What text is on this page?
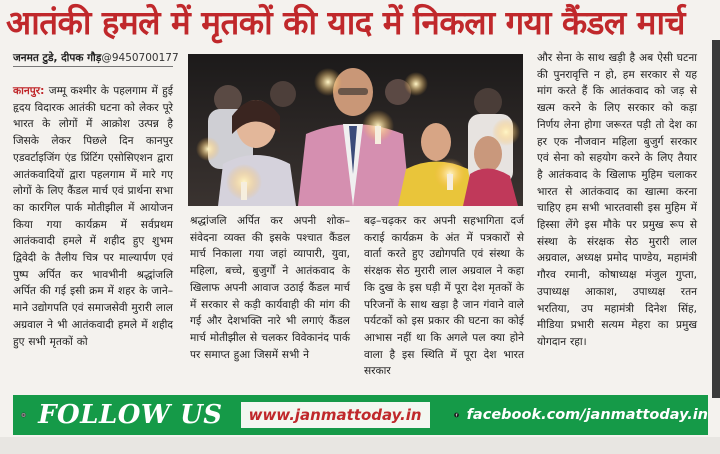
आतंकी हमले में मृतकों की याद में निकला गया कैंडल मार्च
जनमत टुडे, दीपक गौड़@9450700177
कानपुर: जम्मू कश्मीर के पहलगाम में हुई हृदय विदारक आतंकी घटना को लेकर पूरे भारत के लोगों में आक्रोश उत्पन्न है जिसके लेकर पिछले दिन कानपुर एडवर्टाइजिंग एंड प्रिंटिंग एसोसिएशन द्वारा आतंकवादियों द्वारा पहलगाम में मारे गए लोगों के लिए कैंडल मार्च एवं प्रार्थना सभा का कारगिल पार्क मोतीझील में आयोजन किया गया कार्यक्रम में सर्वप्रथम आतंकवादी हमले में शहीद हुए शुभम द्विवेदी के तैलीय चित्र पर माल्यार्पण एवं पुष्प अर्पित कर भावभीनी श्रद्धांजलि अर्पित की गई इसी क्रम में शहर के जाने–माने उद्योगपति एवं समाजसेवी मुरारी लाल अग्रवाल ने भी आतंकवादी हमले में शहीद हुए सभी मृतकों को
श्रद्धांजलि अर्पित कर अपनी शोक–संवेदना व्यक्त की इसके पश्चात कैंडल मार्च निकाला गया जहां व्यापारी, युवा, महिला, बच्चे, बुजुर्गों ने आतंकवाद के खिलाफ अपनी आवाज उठाई कैंडल मार्च में सरकार से कड़ी कार्यवाही की मांग की गई और देशभक्ति नारे भी लगाएं कैंडल मार्च मोतीझील से चलकर विवेकानंद पार्क पर समाप्त हुआ जिसमें सभी ने
बढ़–चढ़कर कर अपनी सहभागिता दर्ज कराई कार्यक्रम के अंत में पत्रकारों से वार्ता करते हुए उद्योगपति एवं संस्था के संरक्षक सेठ मुरारी लाल अग्रवाल ने कहा कि दुख के इस घड़ी में पूरा देश मृतकों के परिजनों के साथ खड़ा है जान गंवाने वाले पर्यटकों को इस प्रकार की घटना का कोई आभास नहीं था कि अगले पल क्या होने वाला है इस स्थिति में पूरा देश भारत सरकार
और सेना के साथ खड़ी है अब ऐसी घटना की पुनरावृत्ति न हो, हम सरकार से यह मांग करते हैं कि आतंकवाद को जड़ से खत्म करने के लिए सरकार को कड़ा निर्णय लेना होगा जरूरत पड़ी तो देश का हर एक नौजवान महिला बुजुर्ग सरकार एवं सेना को सहयोग करने के लिए तैयार है आतंकवाद के खिलाफ मुहिम चलाकर भारत से आतंकवाद का खात्मा करना चाहिए हम सभी भारतवासी इस मुहिम में हिस्सा लेंगे इस मौके पर प्रमुख रूप से संस्था के संरक्षक सेठ मुरारी लाल अग्रवाल, अध्यक्ष प्रमोद पाण्डेय, महामंत्री गौरव रमानी, कोषाध्यक्ष मंजुल गुप्ता, उपाध्यक्ष आकाश, उपाध्यक्ष रतन भरतिया, उप महामंत्री दिनेश सिंह, मीडिया प्रभारी सत्यम मेहरा का प्रमुख योगदान रहा।
FOLLOW US	www.janmattoday.in	facebook.com/janmattoday.in
